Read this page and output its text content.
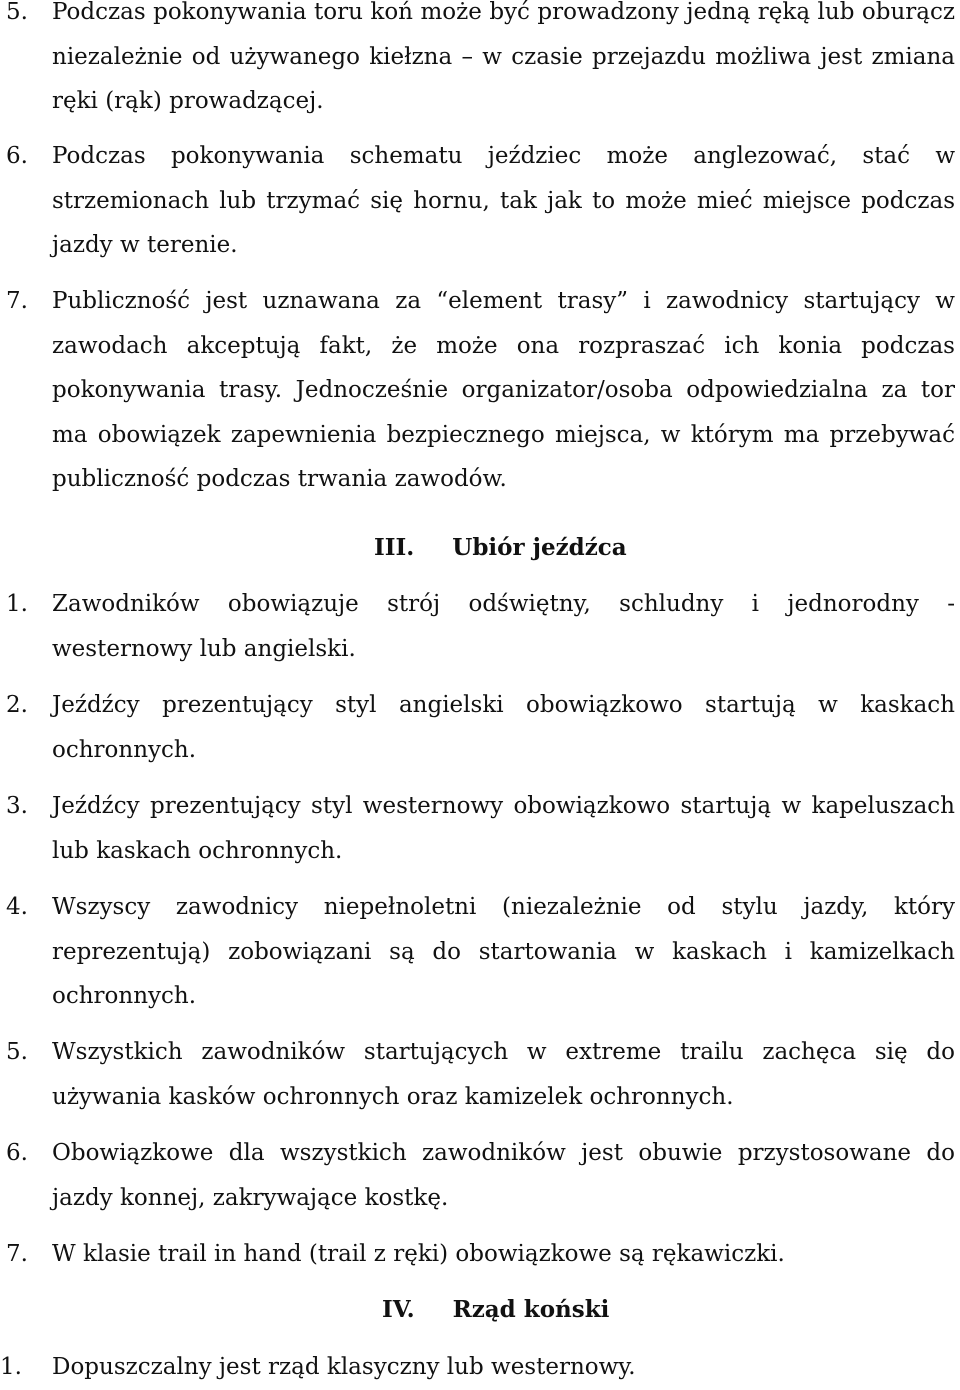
5. Podczas pokonywania toru koń może być prowadzony jedną ręką lub oburącz niezależnie od używanego kiełzna – w czasie przejazdu możliwa jest zmiana ręki (rąk) prowadzącej.
6. Podczas pokonywania schematu jeździec może anglezować, stać w strzemionach lub trzymać się hornu, tak jak to może mieć miejsce podczas jazdy w terenie.
7. Publiczność jest uznawana za “element trasy” i zawodnicy startujący w zawodach akceptują fakt, że może ona rozpraszać ich konia podczas pokonywania trasy. Jednocześnie organizator/osoba odpowiedzialna za tor ma obowiązek zapewnienia bezpiecznego miejsca, w którym ma przebywać publiczność podczas trwania zawodów.
III. Ubiór jeźdźca
1. Zawodników obowiązuje strój odświętny, schludny i jednorodny - westernowy lub angielski.
2. Jeźdźcy prezentujący styl angielski obowiązkowo startują w kaskach ochronnych.
3. Jeźdźcy prezentujący styl westernowy obowiązkowo startują w kapeluszach lub kaskach ochronnych.
4. Wszyscy zawodnicy niepełnoletni (niezależnie od stylu jazdy, który reprezentują) zobowiązani są do startowania w kaskach i kamizelkach ochronnych.
5. Wszystkich zawodników startujących w extreme trailu zachęca się do używania kasków ochronnych oraz kamizelek ochronnych.
6. Obowiązkowe dla wszystkich zawodników jest obuwie przystosowane do jazdy konnej, zakrywające kostkę.
7. W klasie trail in hand (trail z ręki) obowiązkowe są rękawiczki.
IV. Rząd koński
1. Dopuszczalny jest rząd klasyczny lub westernowy.
